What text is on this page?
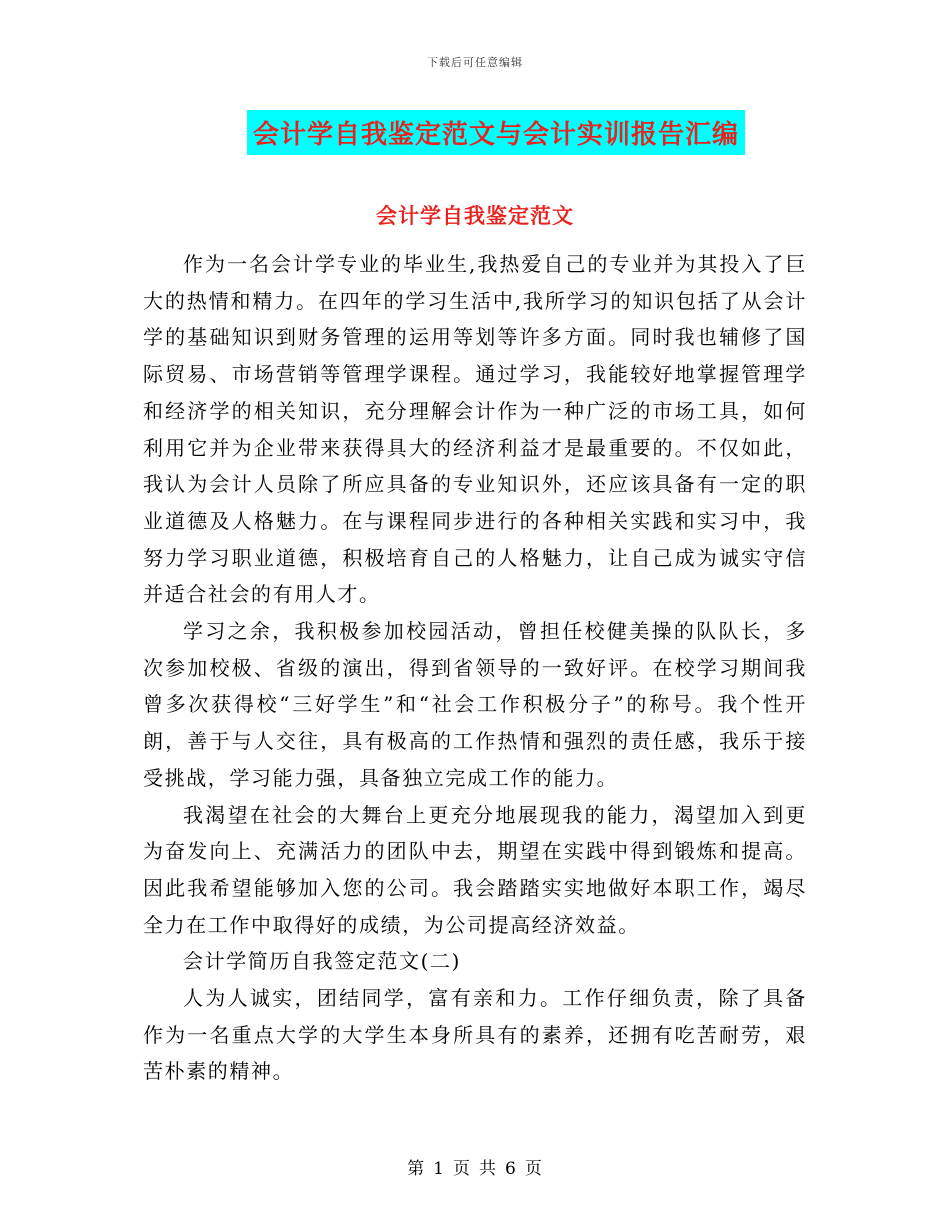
下载后可任意编辑
会计学自我鉴定范文与会计实训报告汇编
会计学自我鉴定范文

作为一名会计学专业的毕业生,我热爱自己的专业并为其投入了巨大的热情和精力。在四年的学习生活中,我所学习的知识包括了从会计学的基础知识到财务管理的运用等划等许多方面。同时我也辅修了国际贸易、市场营销等管理学课程。通过学习，我能较好地掌握管理学和经济学的相关知识，充分理解会计作为一种广泛的市场工具，如何利用它并为企业带来获得具大的经济利益才是最重要的。不仅如此，我认为会计人员除了所应具备的专业知识外，还应该具备有一定的职业道德及人格魅力。在与课程同步进行的各种相关实践和实习中，我努力学习职业道德，积极培育自己的人格魅力，让自己成为诚实守信并适合社会的有用人才。

学习之余，我积极参加校园活动，曾担任校健美操的队队长，多次参加校极、省级的演出，得到省领导的一致好评。在校学习期间我曾多次获得校“三好学生”和“社会工作积极分子”的称号。我个性开朗，善于与人交往，具有极高的工作热情和强烈的责任感，我乐于接受挑战，学习能力强，具备独立完成工作的能力。

我渴望在社会的大舞台上更充分地展现我的能力，渴望加入到更为奋发向上、充满活力的团队中去，期望在实践中得到锻炼和提高。因此我希望能够加入您的公司。我会踏踏实实地做好本职工作，竭尽全力在工作中取得好的成绩，为公司提高经济效益。

会计学简历自我签定范文(二)

人为人诚实，团结同学，富有亲和力。工作仔细负责，除了具备作为一名重点大学的大学生本身所具有的素养，还拥有吃苦耐劳，艰苦朴素的精神。

第 1 页 共 6 页
